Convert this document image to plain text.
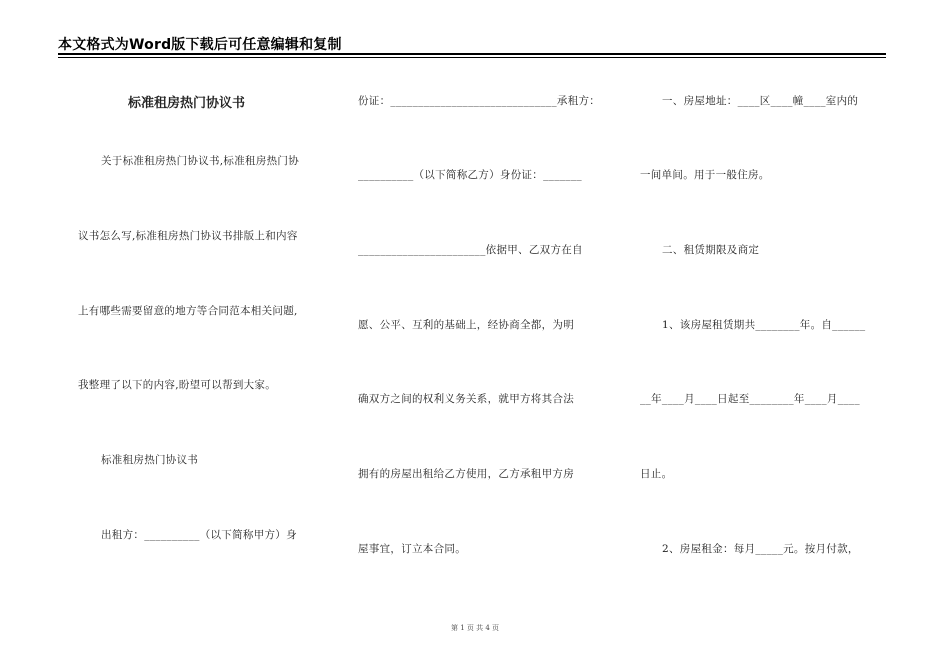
本文格式为Word版下载后可任意编辑和复制
标准租房热门协议书
关于标准租房热门协议书,标准租房热门协
议书怎么写,标准租房热门协议书排版上和内容
上有哪些需要留意的地方等合同范本相关问题,
我整理了以下的内容,盼望可以帮到大家。
标准租房热门协议书
出租方：__________（以下简称甲方）身
份证：______________________________承租方：
__________（以下简称乙方）身份证：_______
_______________________依据甲、乙双方在自
愿、公平、互利的基础上，经协商全都，为明
确双方之间的权利义务关系，就甲方将其合法
拥有的房屋出租给乙方使用，乙方承租甲方房
屋事宜，订立本合同。
一、房屋地址：____区____幢____室内的
一间单间。用于一般住房。
二、租赁期限及商定
1、该房屋租赁期共________年。自______
__年____月____日起至________年____月____
日止。
2、房屋租金：每月_____元。按月付款，
第 1 页 共 4 页
